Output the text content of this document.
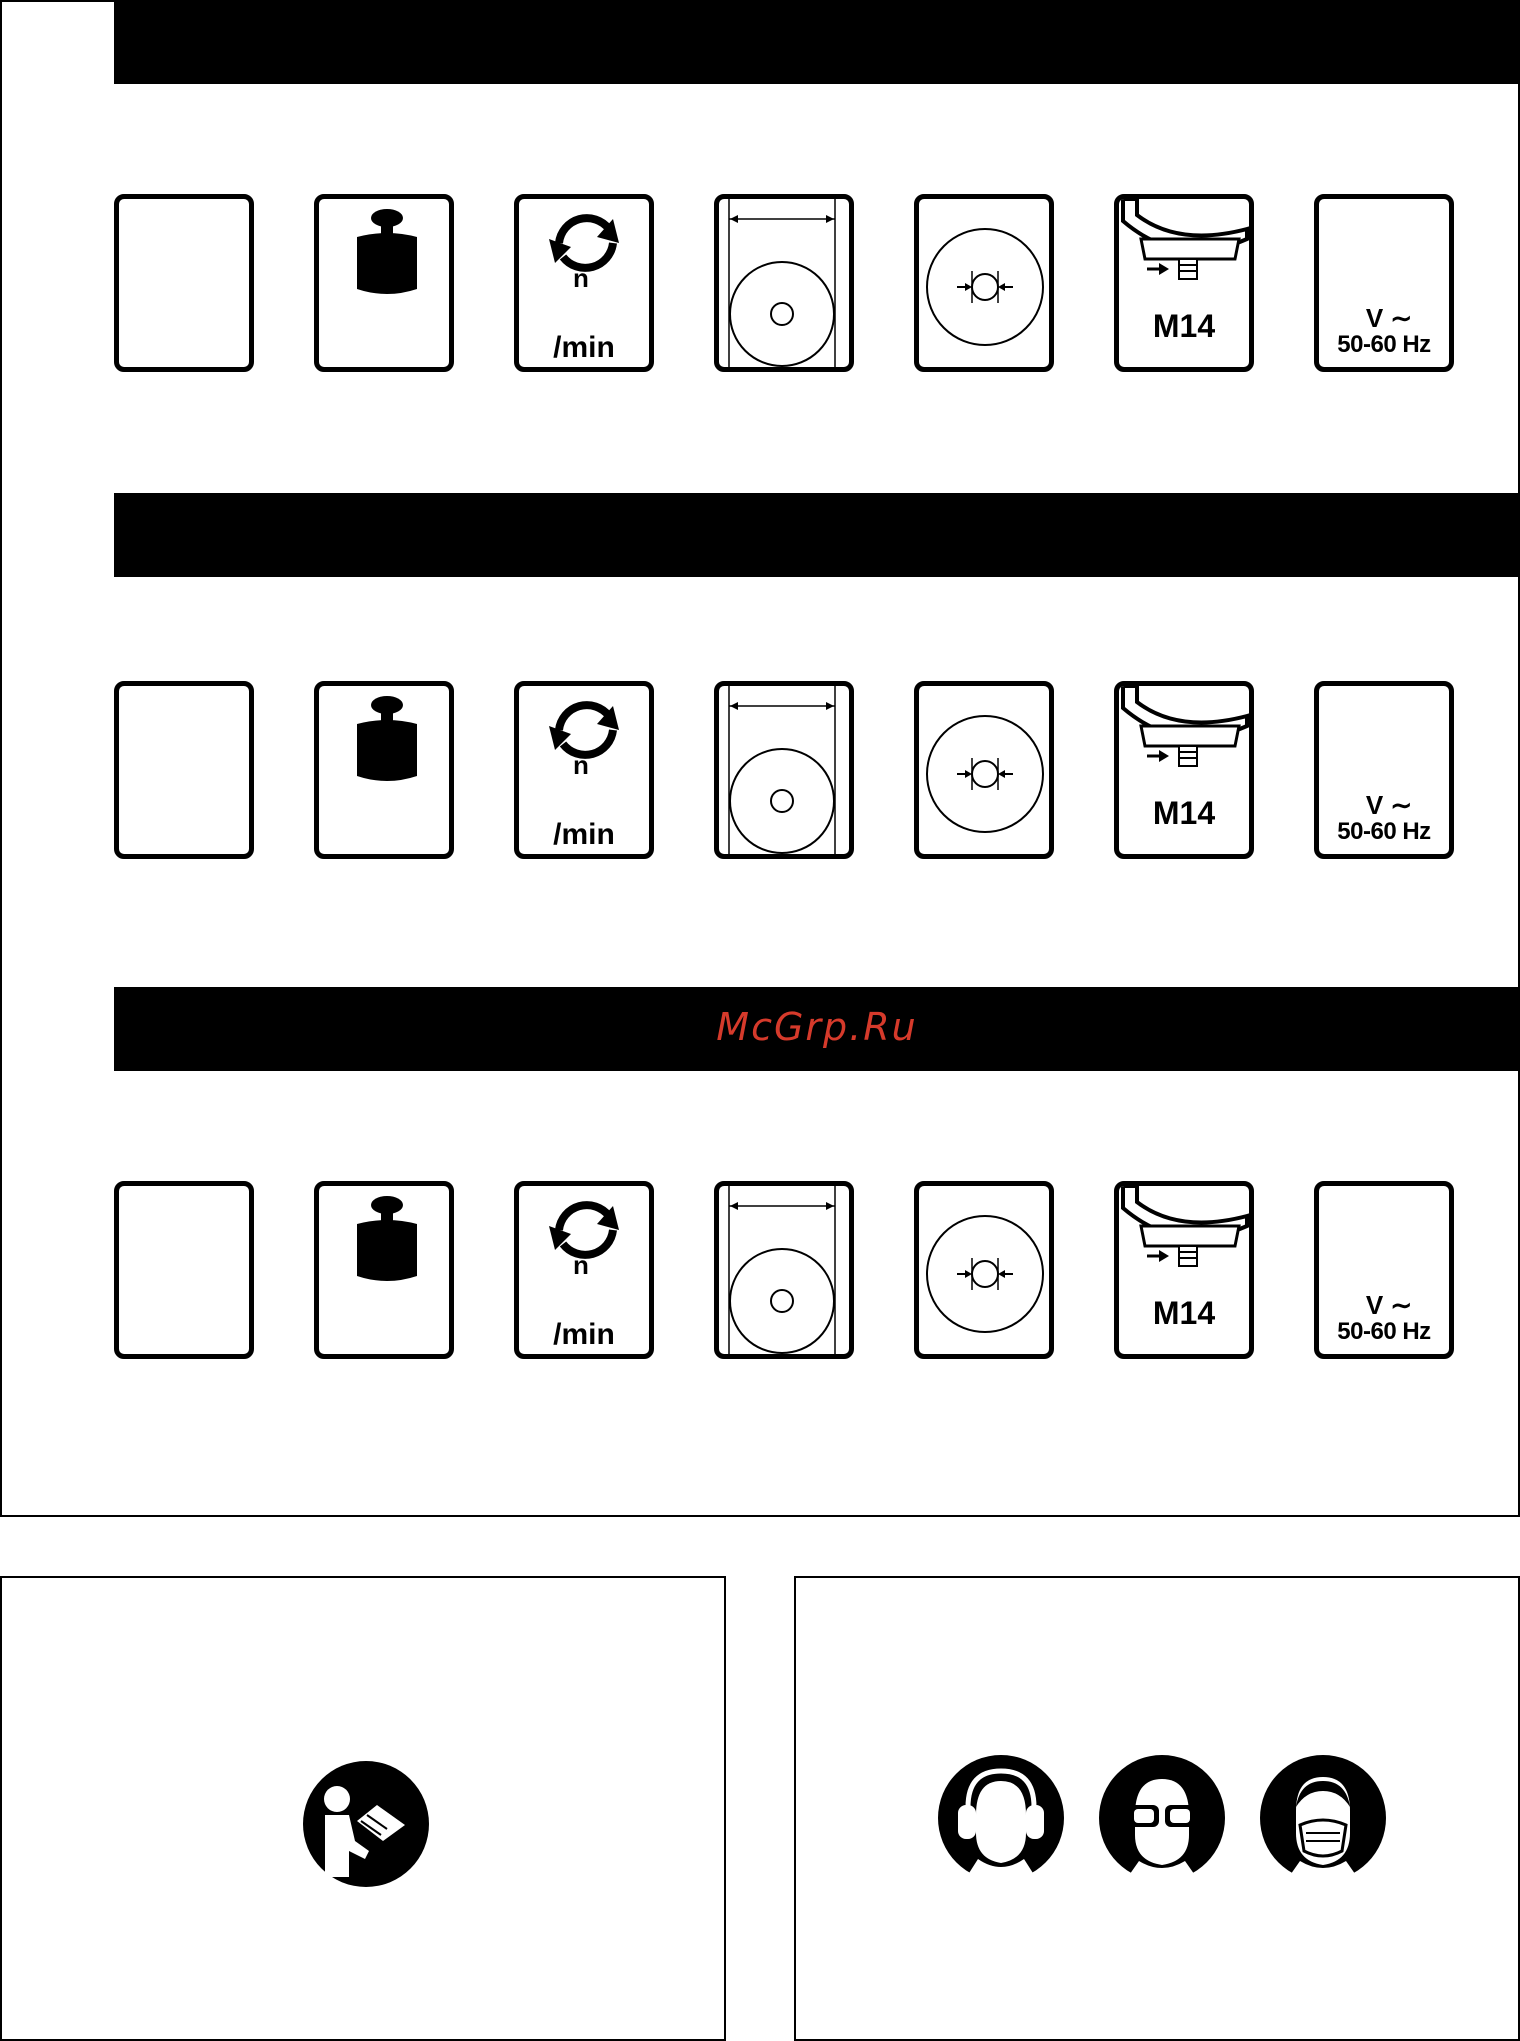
McGrp.Ru
n
/min
M14	V ∼
50-60 Hz
n
/min
M14	V ∼
50-60 Hz
n
/min
M14	V ∼
50-60 Hz
